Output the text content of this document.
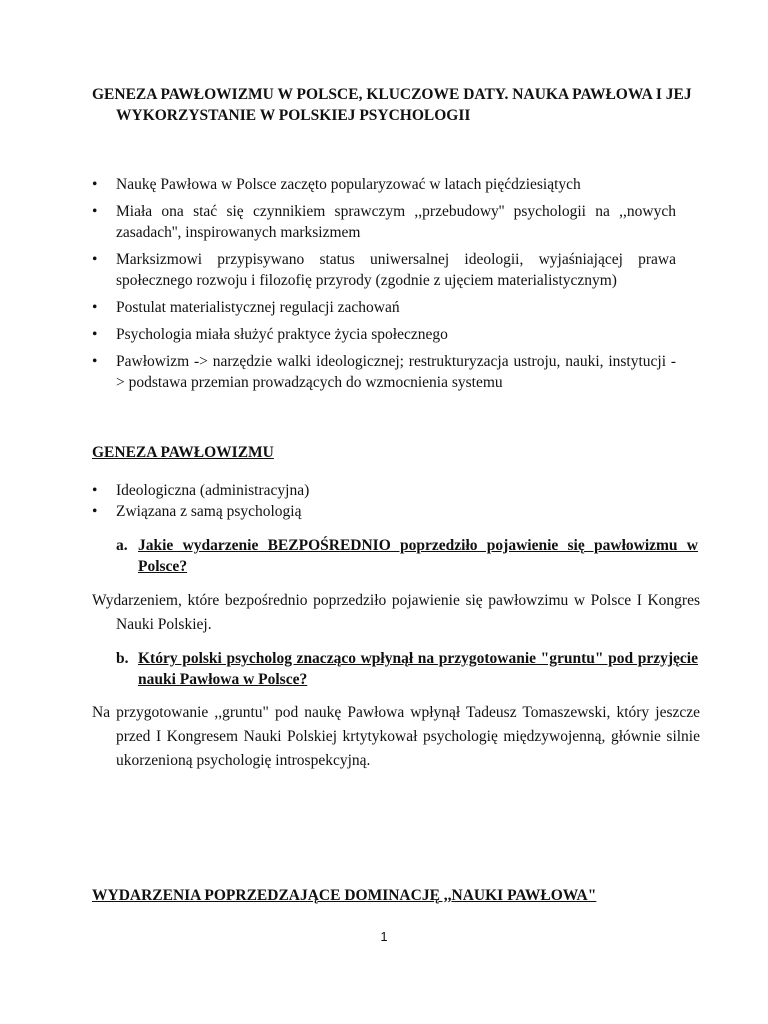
GENEZA PAWŁOWIZMU W POLSCE, KLUCZOWE DATY. NAUKA PAWŁOWA I JEJ WYKORZYSTANIE W POLSKIEJ PSYCHOLOGII

• Naukę Pawłowa w Polsce zaczęto popularyzować w latach pięćdziesiątych
• Miała ona stać się czynnikiem sprawczym ,,przebudowy'' psychologii na ,,nowych zasadach'', inspirowanych marksizmem
• Marksizmowi przypisywano status uniwersalnej ideologii, wyjaśniającej prawa społecznego rozwoju i filozofię przyrody (zgodnie z ujęciem materialistycznym)
• Postulat materialistycznej regulacji zachowań
• Psychologia miała służyć praktyce życia społecznego
• Pawłowizm -> narzędzie walki ideologicznej; restrukturyzacja ustroju, nauki, instytucji -> podstawa przemian prowadzących do wzmocnienia systemu

GENEZA PAWŁOWIZMU

• Ideologiczna (administracyjna)
• Związana z samą psychologią

a. Jakie wydarzenie BEZPOŚREDNIO poprzedziło pojawienie się pawłowizmu w Polsce?

Wydarzeniem, które bezpośrednio poprzedziło pojawienie się pawłowzimu w Polsce I Kongres Nauki Polskiej.

b. Który polski psycholog znacząco wpłynął na przygotowanie "gruntu" pod przyjęcie nauki Pawłowa w Polsce?

Na przygotowanie ,,gruntu" pod naukę Pawłowa wpłynął Tadeusz Tomaszewski, który jeszcze przed I Kongresem Nauki Polskiej krtytykował psychologię międzywojenną, głównie silnie ukorzenioną psychologię introspekcyjną.

WYDARZENIA POPRZEDZAJĄCE DOMINACJĘ ,,NAUKI PAWŁOWA"

1
